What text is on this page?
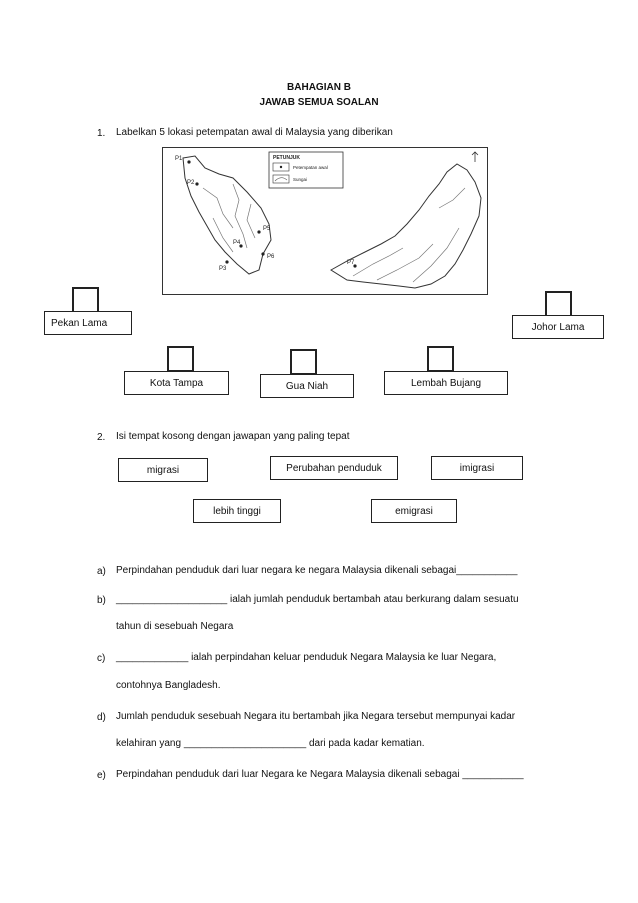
BAHAGIAN B
JAWAB SEMUA SOALAN
1. Labelkan 5 lokasi petempatan awal di Malaysia yang diberikan
P1
P2
P3
P4
P5
P6
P7
PETUNJUK
Petempatan awal
Sungai
Pekan Lama	Johor Lama
Kota Tampa	Gua Niah	Lembah Bujang
2. Isi tempat kosong dengan jawapan yang paling tepat
migrasi	Perubahan penduduk	imigrasi
lebih tinggi	emigrasi
a) Perpindahan penduduk dari luar negara ke negara Malaysia dikenali sebagai___________
b) ____________________ ialah jumlah penduduk bertambah atau berkurang dalam sesuatu
tahun di sesebuah Negara
c) _____________ ialah perpindahan keluar penduduk Negara Malaysia ke luar Negara,
contohnya Bangladesh.
d) Jumlah penduduk sesebuah Negara itu bertambah jika Negara tersebut mempunyai kadar
kelahiran yang ______________________ dari pada kadar kematian.
e) Perpindahan penduduk dari luar Negara ke Negara Malaysia dikenali sebagai ___________
